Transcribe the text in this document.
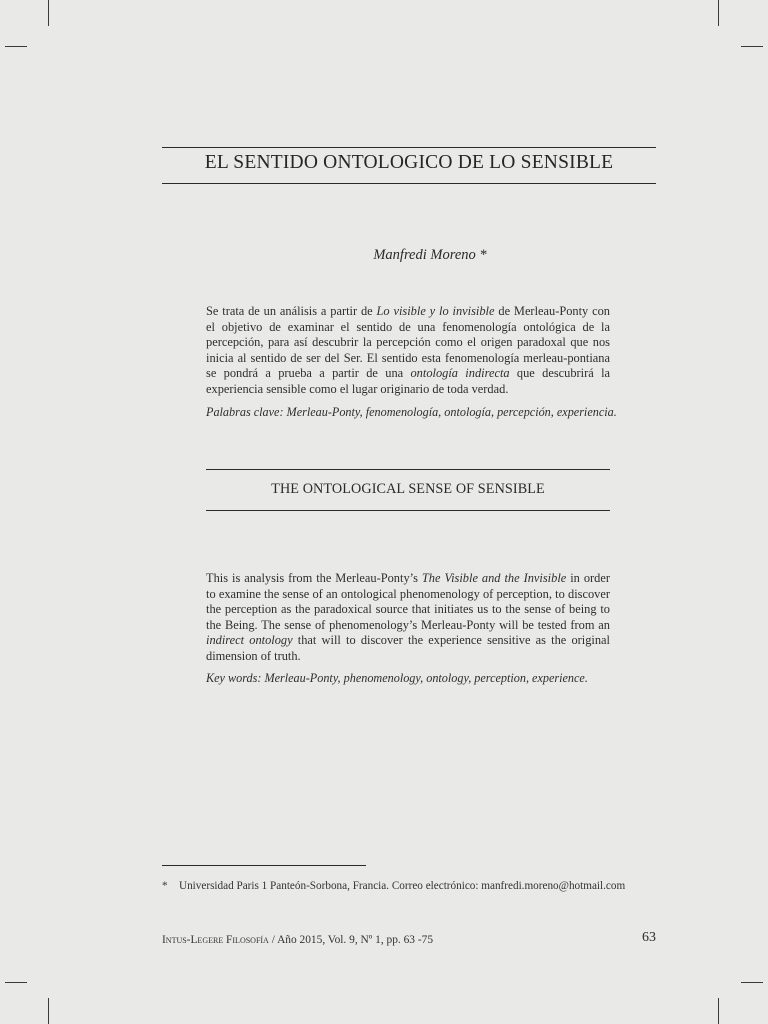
EL SENTIDO ONTOLOGICO DE LO SENSIBLE
Manfredi Moreno *
Se trata de un análisis a partir de Lo visible y lo invisible de Merleau-Ponty con el objetivo de examinar el sentido de una fenomenología ontológica de la percepción, para así descubrir la percepción como el origen paradoxal que nos inicia al sentido de ser del Ser. El sentido esta fenomenología merleau-pontiana se pondrá a prueba a partir de una ontología indirecta que descubrirá la experiencia sensible como el lugar originario de toda verdad.
Palabras clave: Merleau-Ponty, fenomenología, ontología, percepción, experiencia.
THE ONTOLOGICAL SENSE OF SENSIBLE
This is analysis from the Merleau-Ponty’s The Visible and the Invisible in order to examine the sense of an ontological phenomenology of perception, to discover the perception as the paradoxical source that initiates us to the sense of being to the Being. The sense of phenomenology’s Merleau-Ponty will be tested from an indirect ontology that will to discover the experience sensitive as the original dimension of truth.
Key words: Merleau-Ponty, phenomenology, ontology, perception, experience.
* Universidad Paris 1 Panteón-Sorbona, Francia. Correo electrónico: manfredi.moreno@hotmail.com
Intus-Legere Filosofía / Año 2015, Vol. 9, Nº 1, pp. 63 -75	63
